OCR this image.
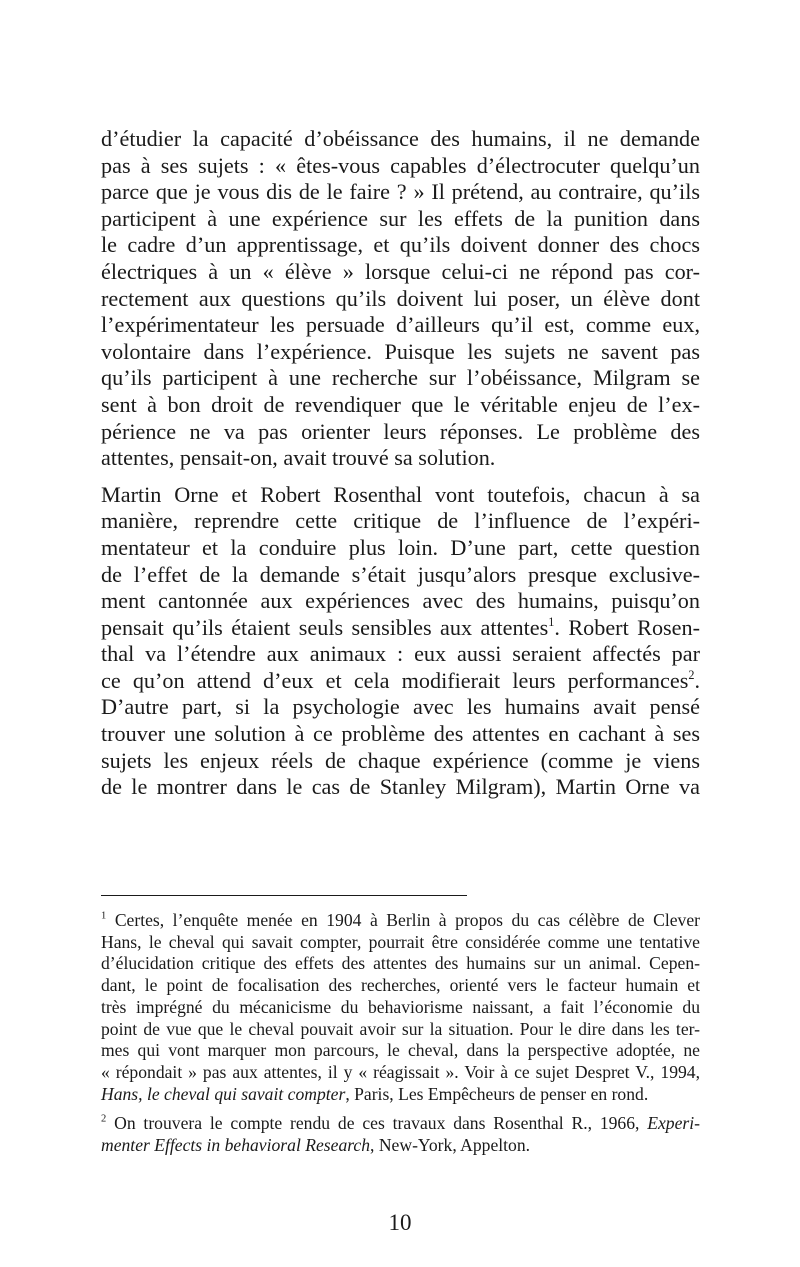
d’étudier la capacité d’obéissance des humains, il ne demande
pas à ses sujets : « êtes-vous capables d’électrocuter quelqu’un
parce que je vous dis de le faire ? » Il prétend, au contraire, qu’ils
participent à une expérience sur les effets de la punition dans
le cadre d’un apprentissage, et qu’ils doivent donner des chocs
électriques à un « élève » lorsque celui-ci ne répond pas cor-
rectement aux questions qu’ils doivent lui poser, un élève dont
l’expérimentateur les persuade d’ailleurs qu’il est, comme eux,
volontaire dans l’expérience. Puisque les sujets ne savent pas
qu’ils participent à une recherche sur l’obéissance, Milgram se
sent à bon droit de revendiquer que le véritable enjeu de l’ex-
périence ne va pas orienter leurs réponses. Le problème des
attentes, pensait-on, avait trouvé sa solution.

Martin Orne et Robert Rosenthal vont toutefois, chacun à sa
manière, reprendre cette critique de l’influence de l’expéri-
mentateur et la conduire plus loin. D’une part, cette question
de l’effet de la demande s’était jusqu’alors presque exclusive-
ment cantonnée aux expériences avec des humains, puisqu’on
pensait qu’ils étaient seuls sensibles aux attentes$^1$. Robert Rosen-
thal va l’étendre aux animaux : eux aussi seraient affectés par
ce qu’on attend d’eux et cela modifierait leurs performances$^2$.
D’autre part, si la psychologie avec les humains avait pensé
trouver une solution à ce problème des attentes en cachant à ses
sujets les enjeux réels de chaque expérience (comme je viens
de le montrer dans le cas de Stanley Milgram), Martin Orne va

$^1$ Certes, l’enquête menée en 1904 à Berlin à propos du cas célèbre de Clever
Hans, le cheval qui savait compter, pourrait être considérée comme une tentative
d’élucidation critique des effets des attentes des humains sur un animal. Cepen-
dant, le point de focalisation des recherches, orienté vers le facteur humain et
très imprégné du mécanicisme du behaviorisme naissant, a fait l’économie du
point de vue que le cheval pouvait avoir sur la situation. Pour le dire dans les ter-
mes qui vont marquer mon parcours, le cheval, dans la perspective adoptée, ne
« répondait » pas aux attentes, il y « réagissait ». Voir à ce sujet Despret V., 1994,
Hans, le cheval qui savait compter, Paris, Les Empêcheurs de penser en rond.

$^2$ On trouvera le compte rendu de ces travaux dans Rosenthal R., 1966, Experi-
menter Effects in behavioral Research, New-York, Appelton.

10
